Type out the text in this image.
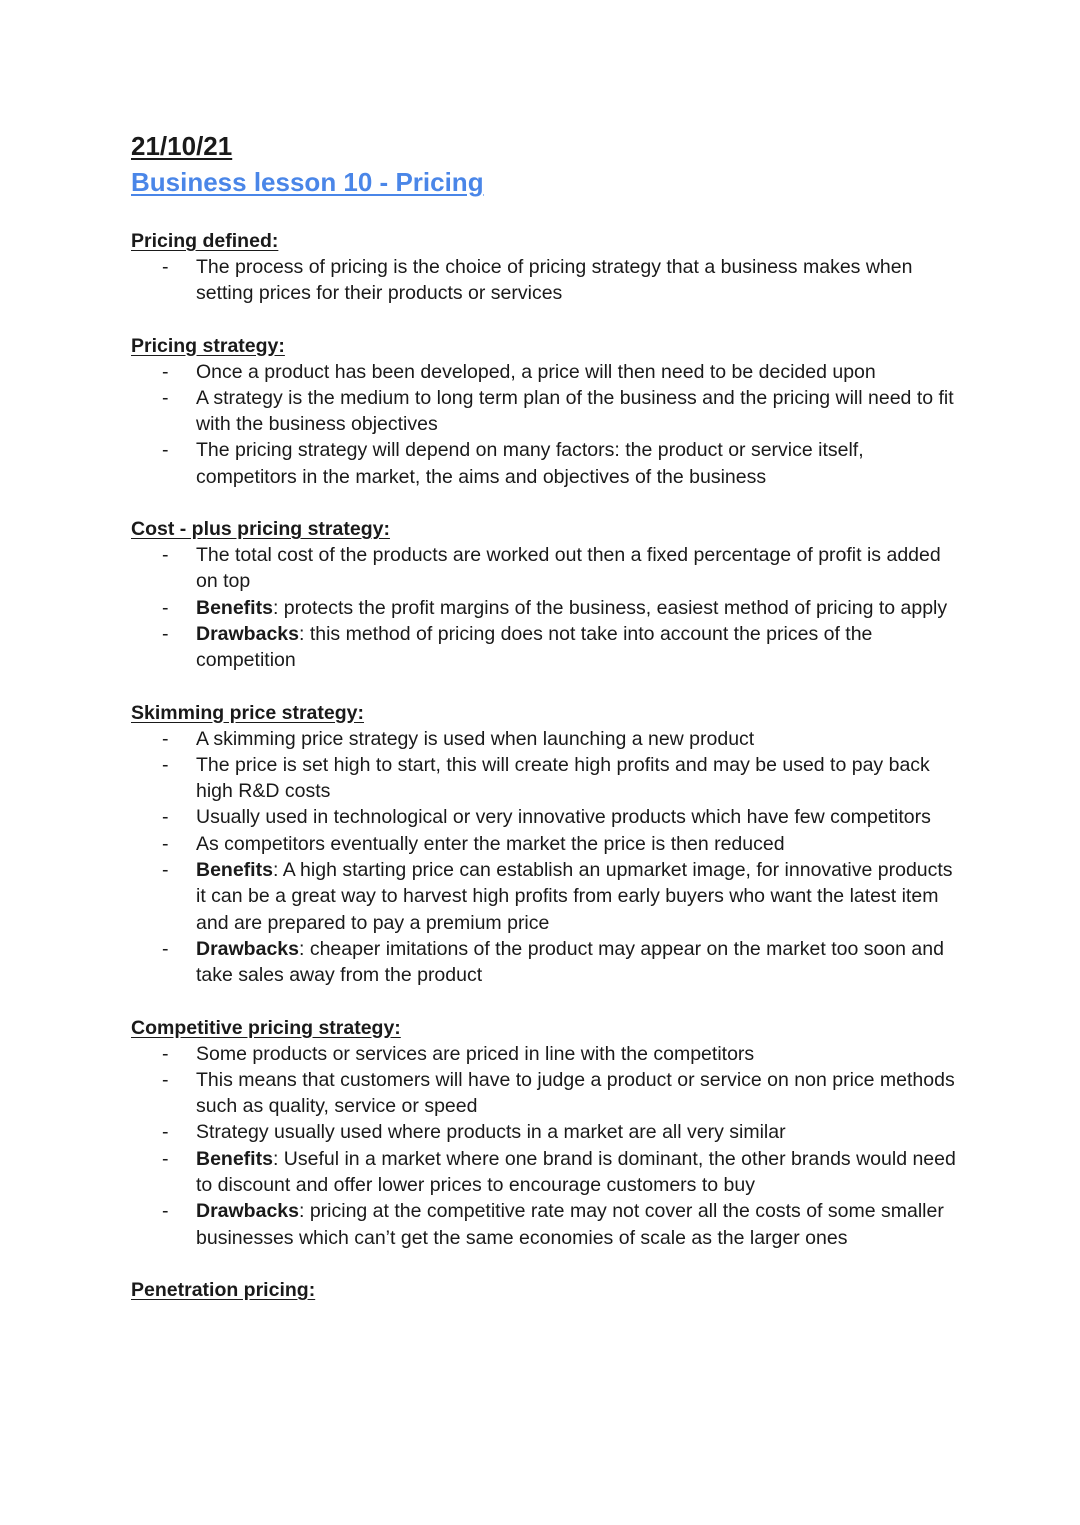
21/10/21
Business lesson 10 - Pricing
Pricing defined:
- The process of pricing is the choice of pricing strategy that a business makes when setting prices for their products or services
Pricing strategy:
- Once a product has been developed, a price will then need to be decided upon
- A strategy is the medium to long term plan of the business and the pricing will need to fit with the business objectives
- The pricing strategy will depend on many factors: the product or service itself, competitors in the market, the aims and objectives of the business
Cost - plus pricing strategy:
- The total cost of the products are worked out then a fixed percentage of profit is added on top
- Benefits: protects the profit margins of the business, easiest method of pricing to apply
- Drawbacks: this method of pricing does not take into account the prices of the competition
Skimming price strategy:
- A skimming price strategy is used when launching a new product
- The price is set high to start, this will create high profits and may be used to pay back high R&D costs
- Usually used in technological or very innovative products which have few competitors
- As competitors eventually enter the market the price is then reduced
- Benefits: A high starting price can establish an upmarket image, for innovative products it can be a great way to harvest high profits from early buyers who want the latest item and are prepared to pay a premium price
- Drawbacks: cheaper imitations of the product may appear on the market too soon and take sales away from the product
Competitive pricing strategy:
- Some products or services are priced in line with the competitors
- This means that customers will have to judge a product or service on non price methods such as quality, service or speed
- Strategy usually used where products in a market are all very similar
- Benefits: Useful in a market where one brand is dominant, the other brands would need to discount and offer lower prices to encourage customers to buy
- Drawbacks: pricing at the competitive rate may not cover all the costs of some smaller businesses which can’t get the same economies of scale as the larger ones
Penetration pricing:
